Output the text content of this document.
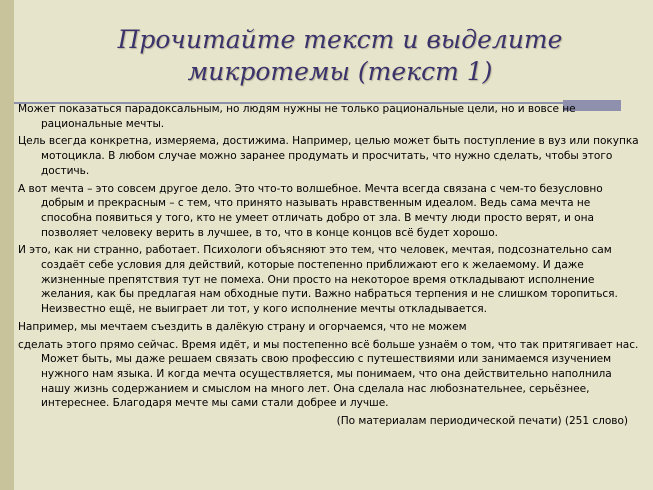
Прочитайте текст и выделите
микротемы (текст 1)

Может показаться парадоксальным, но людям нужны не только рациональные цели, но и вовсе не рациональные мечты.

Цель всегда конкретна, измеряема, достижима. Например, целью может быть поступление в вуз или покупка мотоцикла. В любом случае можно заранее продумать и просчитать, что нужно сделать, чтобы этого достичь.

А вот мечта – это совсем другое дело. Это что-то волшебное. Мечта всегда связана с чем-то безусловно добрым и прекрасным – с тем, что принято называть нравственным идеалом. Ведь сама мечта не способна появиться у того, кто не умеет отличать добро от зла. В мечту люди просто верят, и она позволяет человеку верить в лучшее, в то, что в конце концов всё будет хорошо.

И это, как ни странно, работает. Психологи объясняют это тем, что человек, мечтая, подсознательно сам создаёт себе условия для действий, которые постепенно приближают его к желаемому. И даже жизненные препятствия тут не помеха. Они просто на некоторое время откладывают исполнение желания, как бы предлагая нам обходные пути. Важно набраться терпения и не слишком торопиться. Неизвестно ещё, не выиграет ли тот, у кого исполнение мечты откладывается.

Например, мы мечтаем съездить в далёкую страну и огорчаемся, что не можем

сделать этого прямо сейчас. Время идёт, и мы постепенно всё больше узнаём о том, что так притягивает нас. Может быть, мы даже решаем связать свою профессию с путешествиями или занимаемся изучением нужного нам языка. И когда мечта осуществляется, мы понимаем, что она действительно наполнила нашу жизнь содержанием и смыслом на много лет. Она сделала нас любознательнее, серьёзнее, интереснее. Благодаря мечте мы сами стали добрее и лучше.

(По материалам периодической печати) (251 слово)
